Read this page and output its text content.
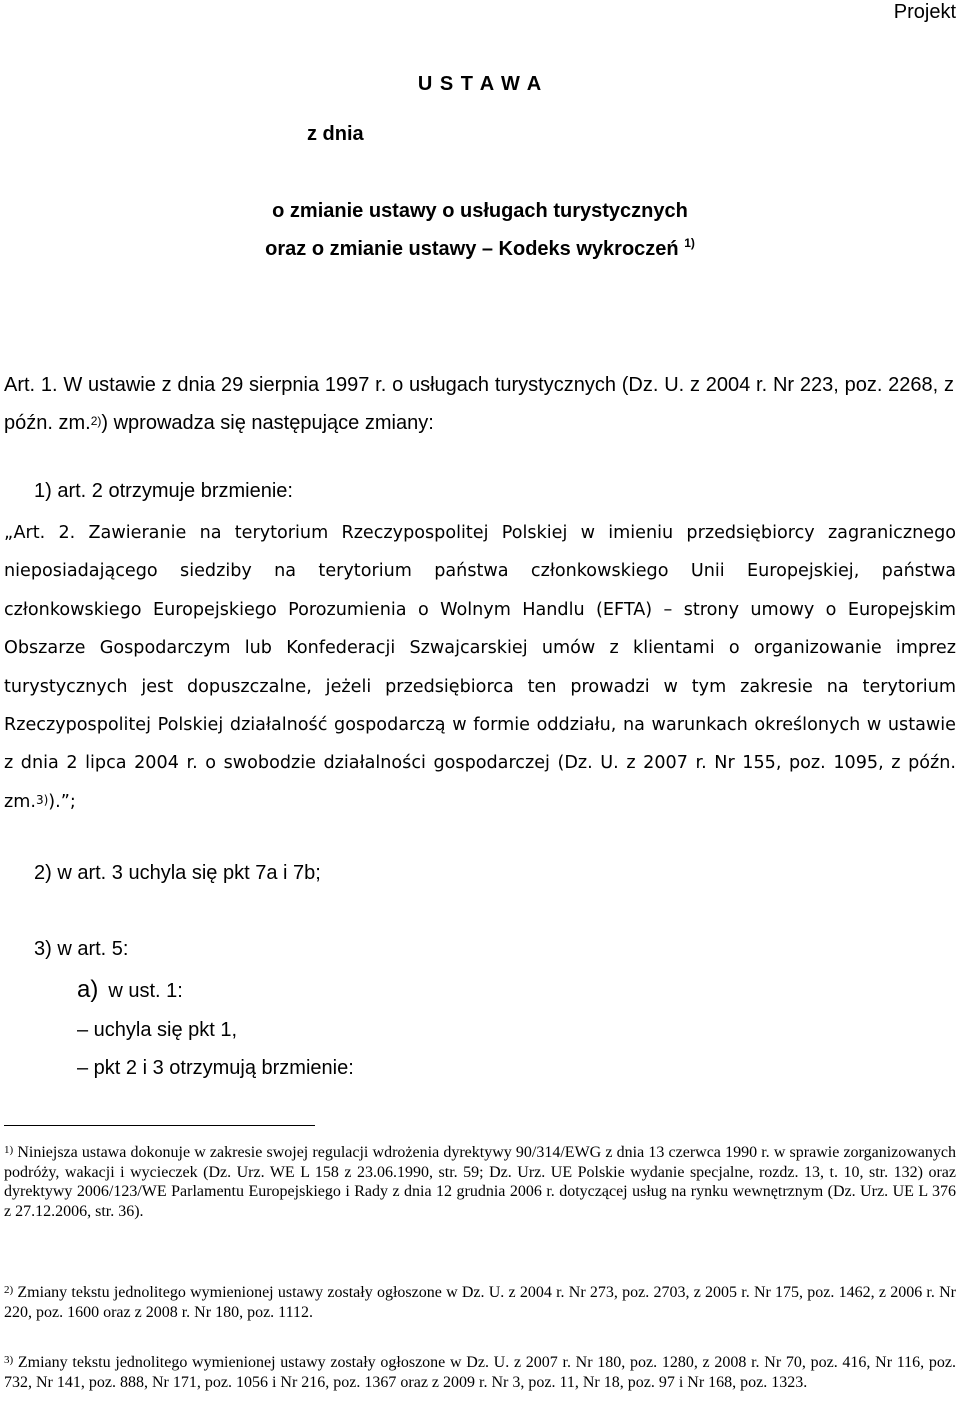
Projekt
U S T A W A
z dnia
o zmianie ustawy o usługach turystycznych
oraz o zmianie ustawy – Kodeks wykroczeń $^{1)}$

Art. 1. W ustawie z dnia 29 sierpnia 1997 r. o usługach turystycznych (Dz. U. z 2004 r. Nr 223, poz. 2268, z późn. zm.$^{2)}$) wprowadza się następujące zmiany:

1) art. 2 otrzymuje brzmienie:

„Art. 2. Zawieranie na terytorium Rzeczypospolitej Polskiej w imieniu przedsiębiorcy zagranicznego nieposiadającego siedziby na terytorium państwa członkowskiego Unii Europejskiej, państwa członkowskiego Europejskiego Porozumienia o Wolnym Handlu (EFTA) – strony umowy o Europejskim Obszarze Gospodarczym lub Konfederacji Szwajcarskiej umów z klientami o organizowanie imprez turystycznych jest dopuszczalne, jeżeli przedsiębiorca ten prowadzi w tym zakresie na terytorium Rzeczypospolitej Polskiej działalność gospodarczą w formie oddziału, na warunkach określonych w ustawie z dnia 2 lipca 2004 r. o swobodzie działalności gospodarczej (Dz. U. z 2007 r. Nr 155, poz. 1095, z późn. zm.$^{3)}$).”;

2) w art. 3 uchyla się pkt 7a i 7b;
3) w art. 5:
a) w ust. 1:
– uchyla się pkt 1,
– pkt 2 i 3 otrzymują brzmienie:

$^{1)}$ Niniejsza ustawa dokonuje w zakresie swojej regulacji wdrożenia dyrektywy 90/314/EWG z dnia 13 czerwca 1990 r. w sprawie zorganizowanych podróży, wakacji i wycieczek (Dz. Urz. WE L 158 z 23.06.1990, str. 59; Dz. Urz. UE Polskie wydanie specjalne, rozdz. 13, t. 10, str. 132) oraz dyrektywy 2006/123/WE Parlamentu Europejskiego i Rady z dnia 12 grudnia 2006 r. dotyczącej usług na rynku wewnętrznym (Dz. Urz. UE L 376 z 27.12.2006, str. 36).

$^{2)}$ Zmiany tekstu jednolitego wymienionej ustawy zostały ogłoszone w Dz. U. z 2004 r. Nr 273, poz. 2703, z 2005 r. Nr 175, poz. 1462, z 2006 r. Nr 220, poz. 1600 oraz z 2008 r. Nr 180, poz. 1112.

$^{3)}$ Zmiany tekstu jednolitego wymienionej ustawy zostały ogłoszone w Dz. U. z 2007 r. Nr 180, poz. 1280, z 2008 r. Nr 70, poz. 416, Nr 116, poz. 732, Nr 141, poz. 888, Nr 171, poz. 1056 i Nr 216, poz. 1367 oraz z 2009 r. Nr 3, poz. 11, Nr 18, poz. 97 i Nr 168, poz. 1323.
